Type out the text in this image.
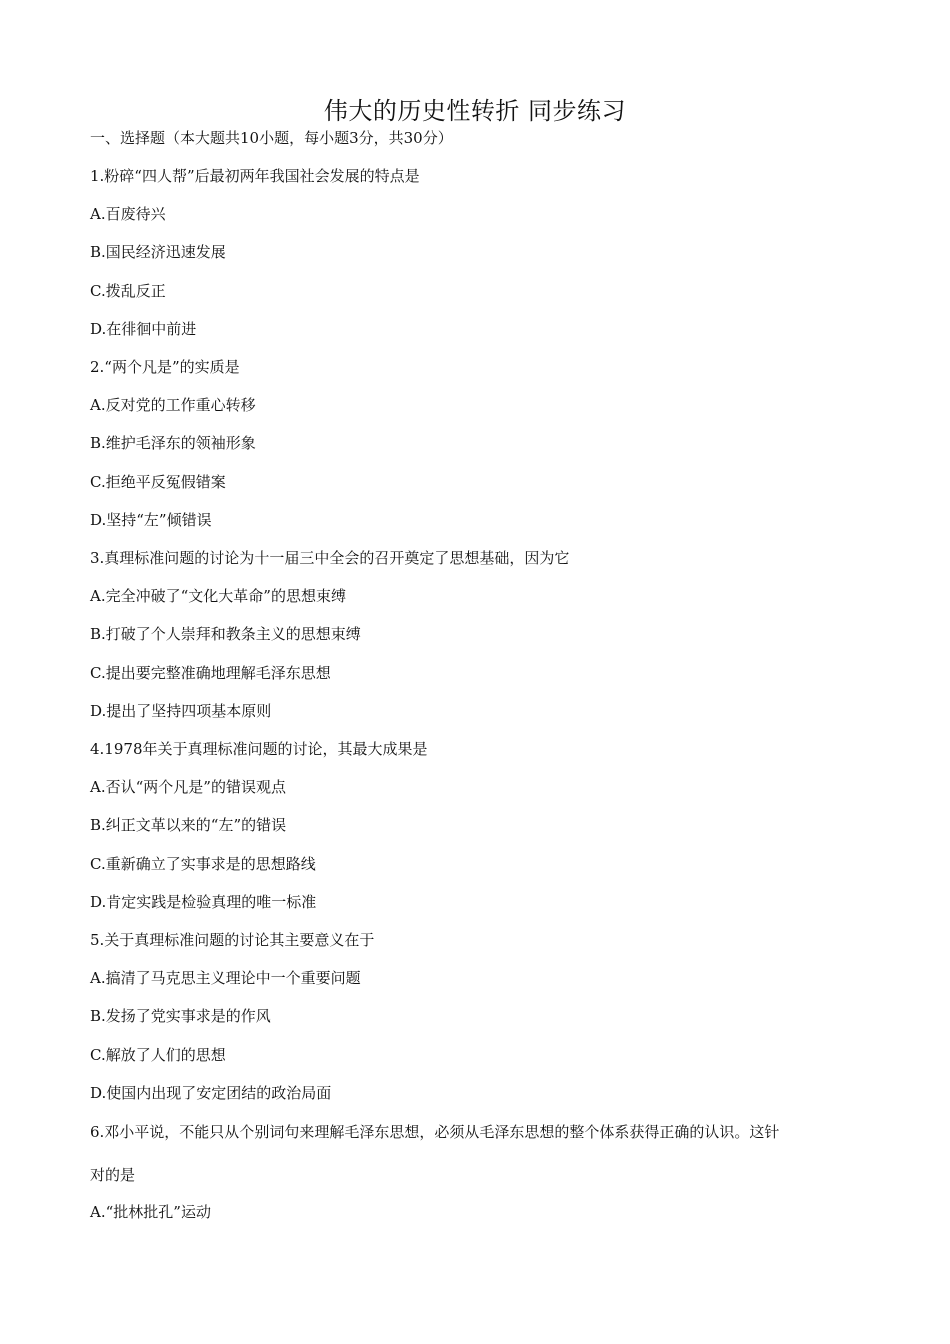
伟大的历史性转折 同步练习
一、选择题（本大题共10小题，每小题3分，共30分）
1.粉碎“四人帮”后最初两年我国社会发展的特点是
A.百废待兴
B.国民经济迅速发展
C.拨乱反正
D.在徘徊中前进
2.“两个凡是”的实质是
A.反对党的工作重心转移
B.维护毛泽东的领袖形象
C.拒绝平反冤假错案
D.坚持“左”倾错误
3.真理标准问题的讨论为十一届三中全会的召开奠定了思想基础，因为它
A.完全冲破了“文化大革命”的思想束缚
B.打破了个人崇拜和教条主义的思想束缚
C.提出要完整准确地理解毛泽东思想
D.提出了坚持四项基本原则
4.1978年关于真理标准问题的讨论，其最大成果是
A.否认“两个凡是”的错误观点
B.纠正文革以来的“左”的错误
C.重新确立了实事求是的思想路线
D.肯定实践是检验真理的唯一标准
5.关于真理标准问题的讨论其主要意义在于
A.搞清了马克思主义理论中一个重要问题
B.发扬了党实事求是的作风
C.解放了人们的思想
D.使国内出现了安定团结的政治局面
6.邓小平说，不能只从个别词句来理解毛泽东思想，必须从毛泽东思想的整个体系获得正确的认识。这针
对的是
A.“批林批孔”运动
